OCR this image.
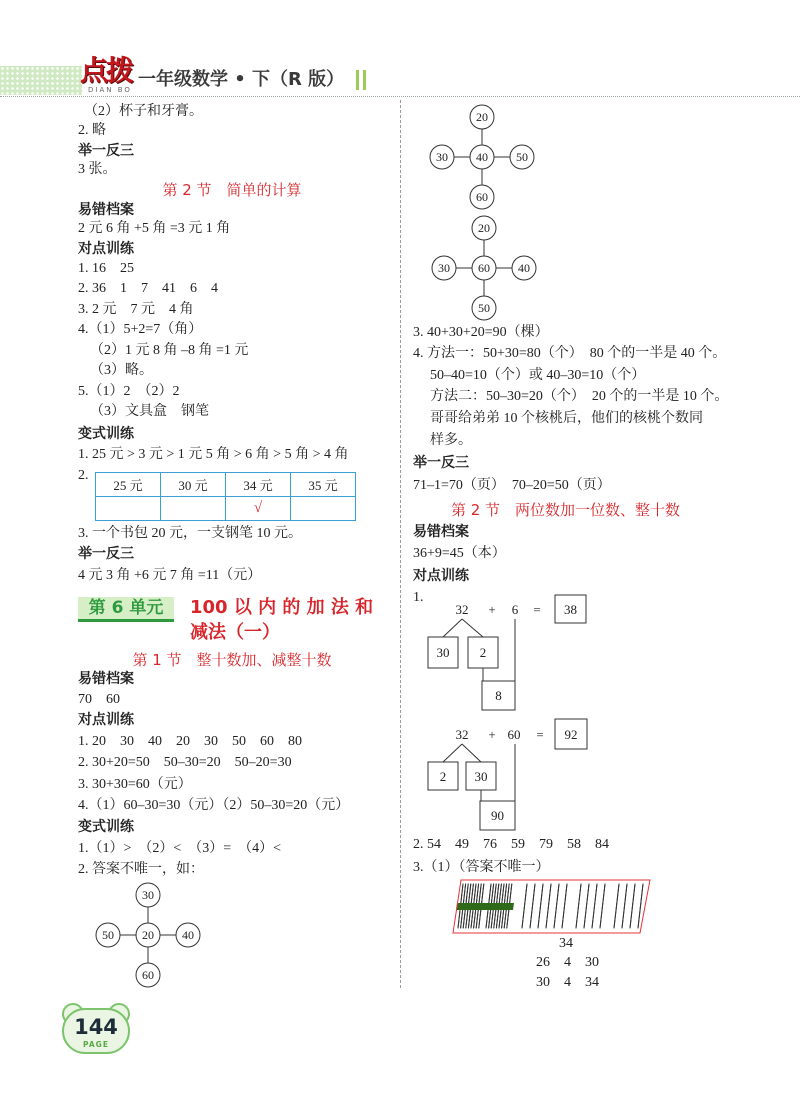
点拨
DIAN BO 一年级数学 • 下（R 版）
（2）杯子和牙膏。
2. 略
举一反三
3 张。
第 2 节　简单的计算
易错档案
2 元 6 角 +5 角 =3 元 1 角
对点训练
1. 16　25
2. 36　1　7　41　6　4
3. 2 元　7 元　4 角
4.（1）5+2=7（角）
（2）1 元 8 角 –8 角 =1 元
（3）略。
5.（1）2　（2）2
（3）文具盒　钢笔
变式训练
1. 25 元 > 3 元 > 1 元 5 角 > 6 角 > 5 角 > 4 角
2.
25 元	30 元	34 元	35 元
		√	
3. 一个书包 20 元，一支钢笔 10 元。
举一反三
4 元 3 角 +6 元 7 角 =11（元）
第 6 单元	100 以 内 的 加 法 和
减法（一）
第 1 节　整十数加、减整十数
易错档案
70　60
对点训练
1. 20　30　40　20　30　50　60　80
2. 30+20=50　50–30=20　50–20=30
3. 30+30=60（元）
4.（1）60–30=30（元）（2）50–30=20（元）
变式训练
1.（1）>　（2）<　（3）=　（4）<
2. 答案不唯一，如：
30
50 20 40
60
20
30 40 50
60
20
30 60 40
50
3. 40+30+20=90（棵）
4. 方法一：50+30=80（个）　80 个的一半是 40 个。
50–40=10（个）或 40–30=10（个）
方法二：50–30=20（个）　20 个的一半是 10 个。
哥哥给弟弟 10 个核桃后，他们的核桃个数同
样多。
举一反三
71–1=70（页）　70–20=50（页）
第 2 节　两位数加一位数、整十数
易错档案
36+9=45（本）
对点训练
1.
32 + 6 = 38
30 2
8
32 + 60 = 92
2 30
90
2. 54　49　76　59　79　58　84
3.（1）（答案不唯一）
34
26　4　30
30　4　34
144
PAGE
